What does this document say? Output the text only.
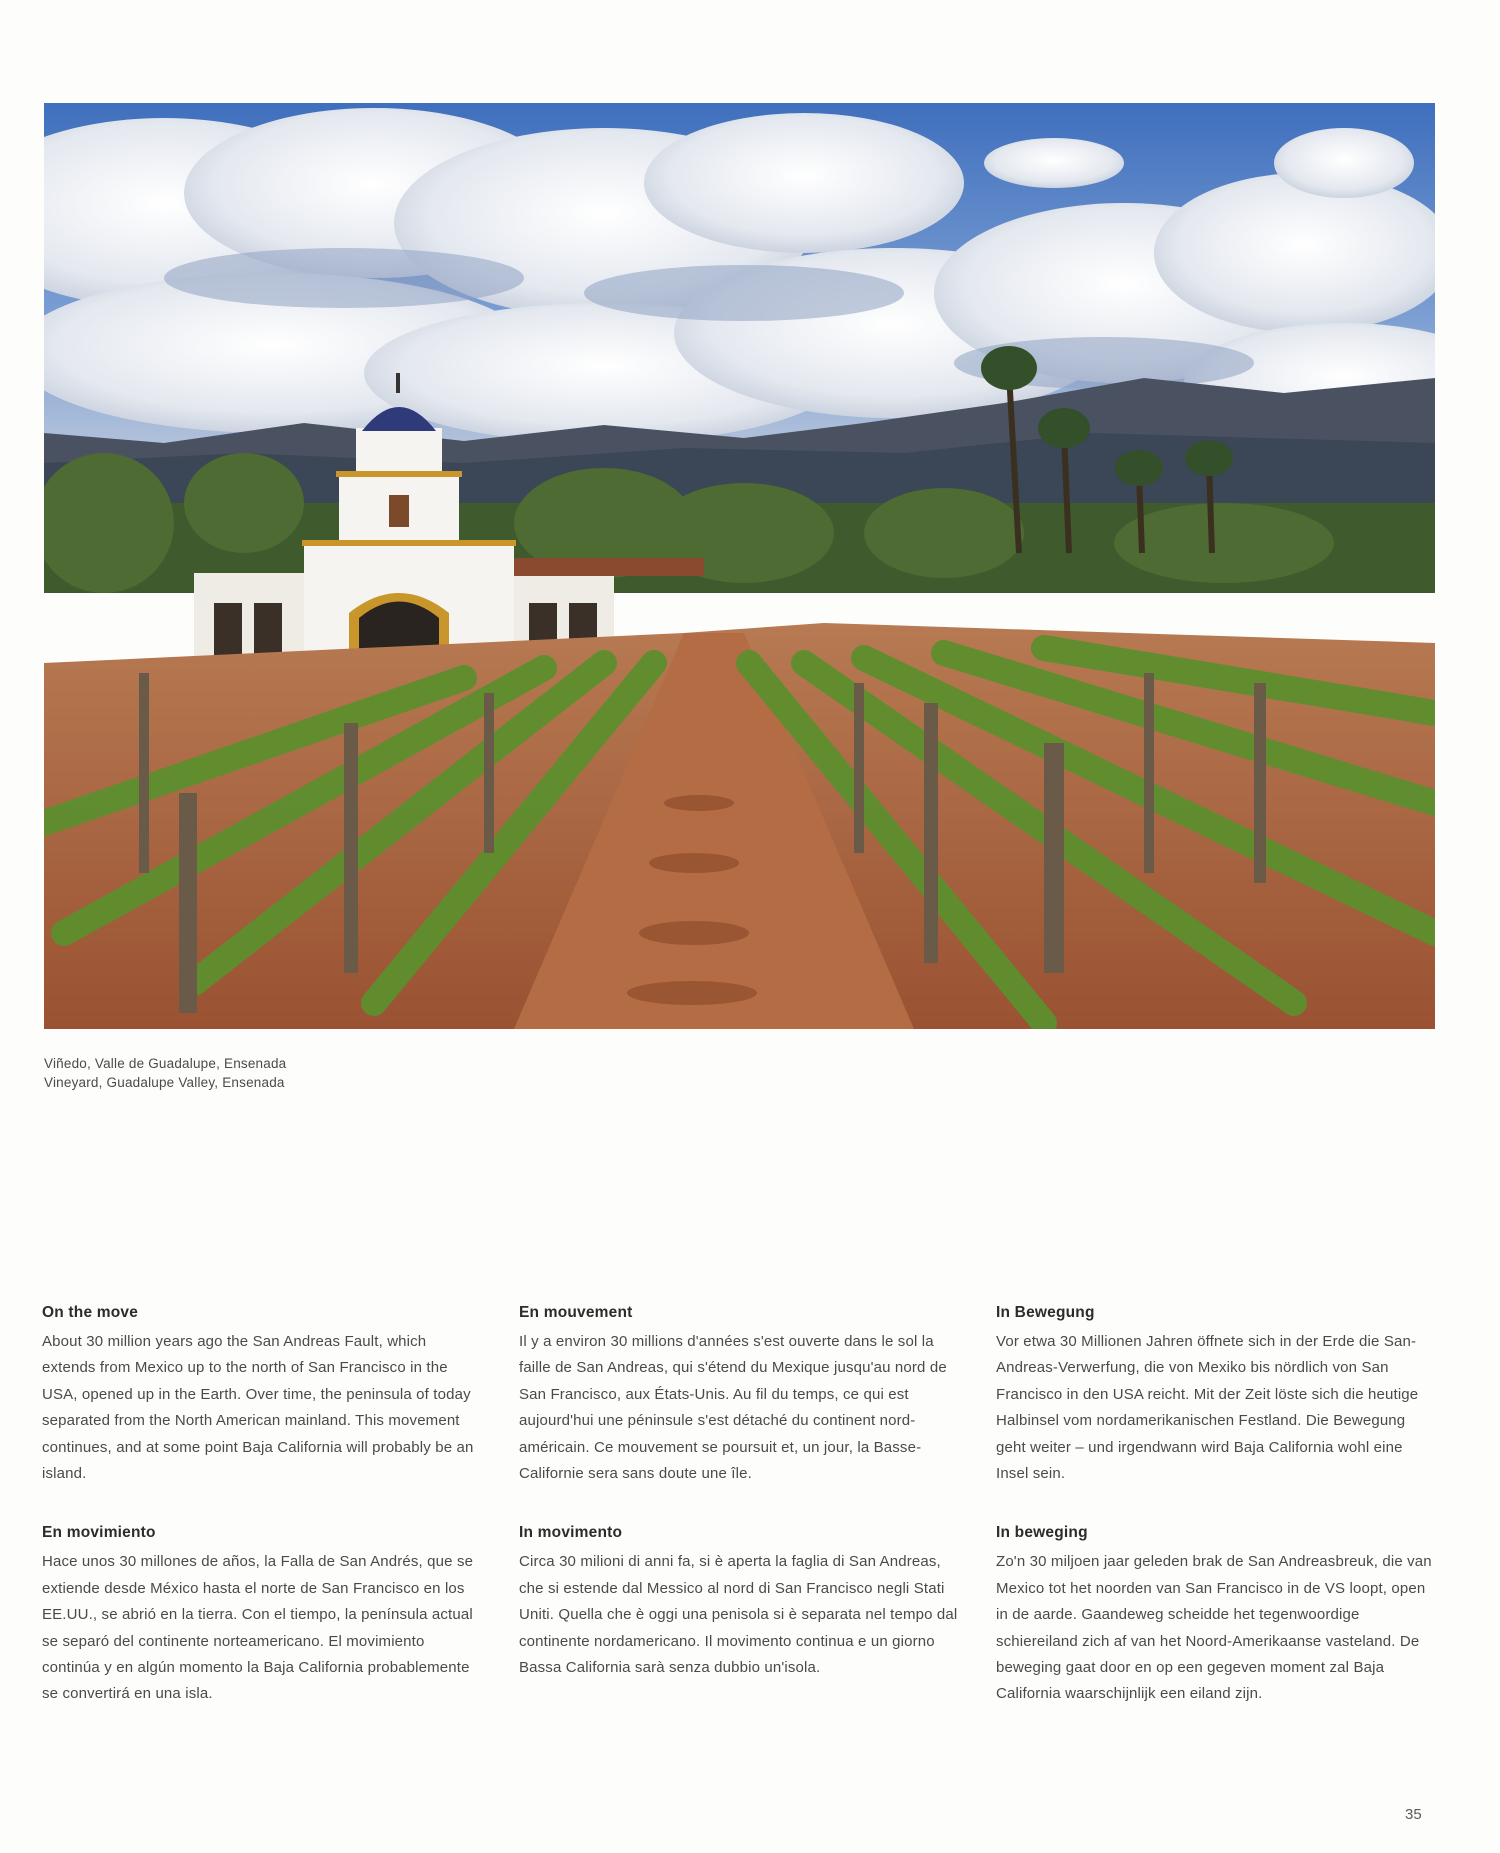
Viñedo, Valle de Guadalupe, Ensenada
Vineyard, Guadalupe Valley, Ensenada
On the move

About 30 million years ago the San Andreas Fault, which extends from Mexico up to the north of San Francisco in the USA, opened up in the Earth. Over time, the peninsula of today separated from the North American mainland. This movement continues, and at some point Baja California will probably be an island.

En movimiento

Hace unos 30 millones de años, la Falla de San Andrés, que se extiende desde México hasta el norte de San Francisco en los EE.UU., se abrió en la tierra. Con el tiempo, la península actual se separó del continente norteamericano. El movimiento continúa y en algún momento la Baja California probablemente se convertirá en una isla.

En mouvement

Il y a environ 30 millions d'années s'est ouverte dans le sol la faille de San Andreas, qui s'étend du Mexique jusqu'au nord de San Francisco, aux États-Unis. Au fil du temps, ce qui est aujourd'hui une péninsule s'est détaché du continent nord-américain. Ce mouvement se poursuit et, un jour, la Basse-Californie sera sans doute une île.

In movimento

Circa 30 milioni di anni fa, si è aperta la faglia di San Andreas, che si estende dal Messico al nord di San Francisco negli Stati Uniti. Quella che è oggi una penisola si è separata nel tempo dal continente nordamericano. Il movimento continua e un giorno Bassa California sarà senza dubbio un'isola.

In Bewegung

Vor etwa 30 Millionen Jahren öffnete sich in der Erde die San-Andreas-Verwerfung, die von Mexiko bis nördlich von San Francisco in den USA reicht. Mit der Zeit löste sich die heutige Halbinsel vom nordamerikanischen Festland. Die Bewegung geht weiter – und irgendwann wird Baja California wohl eine Insel sein.

In beweging

Zo'n 30 miljoen jaar geleden brak de San Andreasbreuk, die van Mexico tot het noorden van San Francisco in de VS loopt, open in de aarde. Gaandeweg scheidde het tegenwoordige schiereiland zich af van het Noord-Amerikaanse vasteland. De beweging gaat door en op een gegeven moment zal Baja California waarschijnlijk een eiland zijn.

35
